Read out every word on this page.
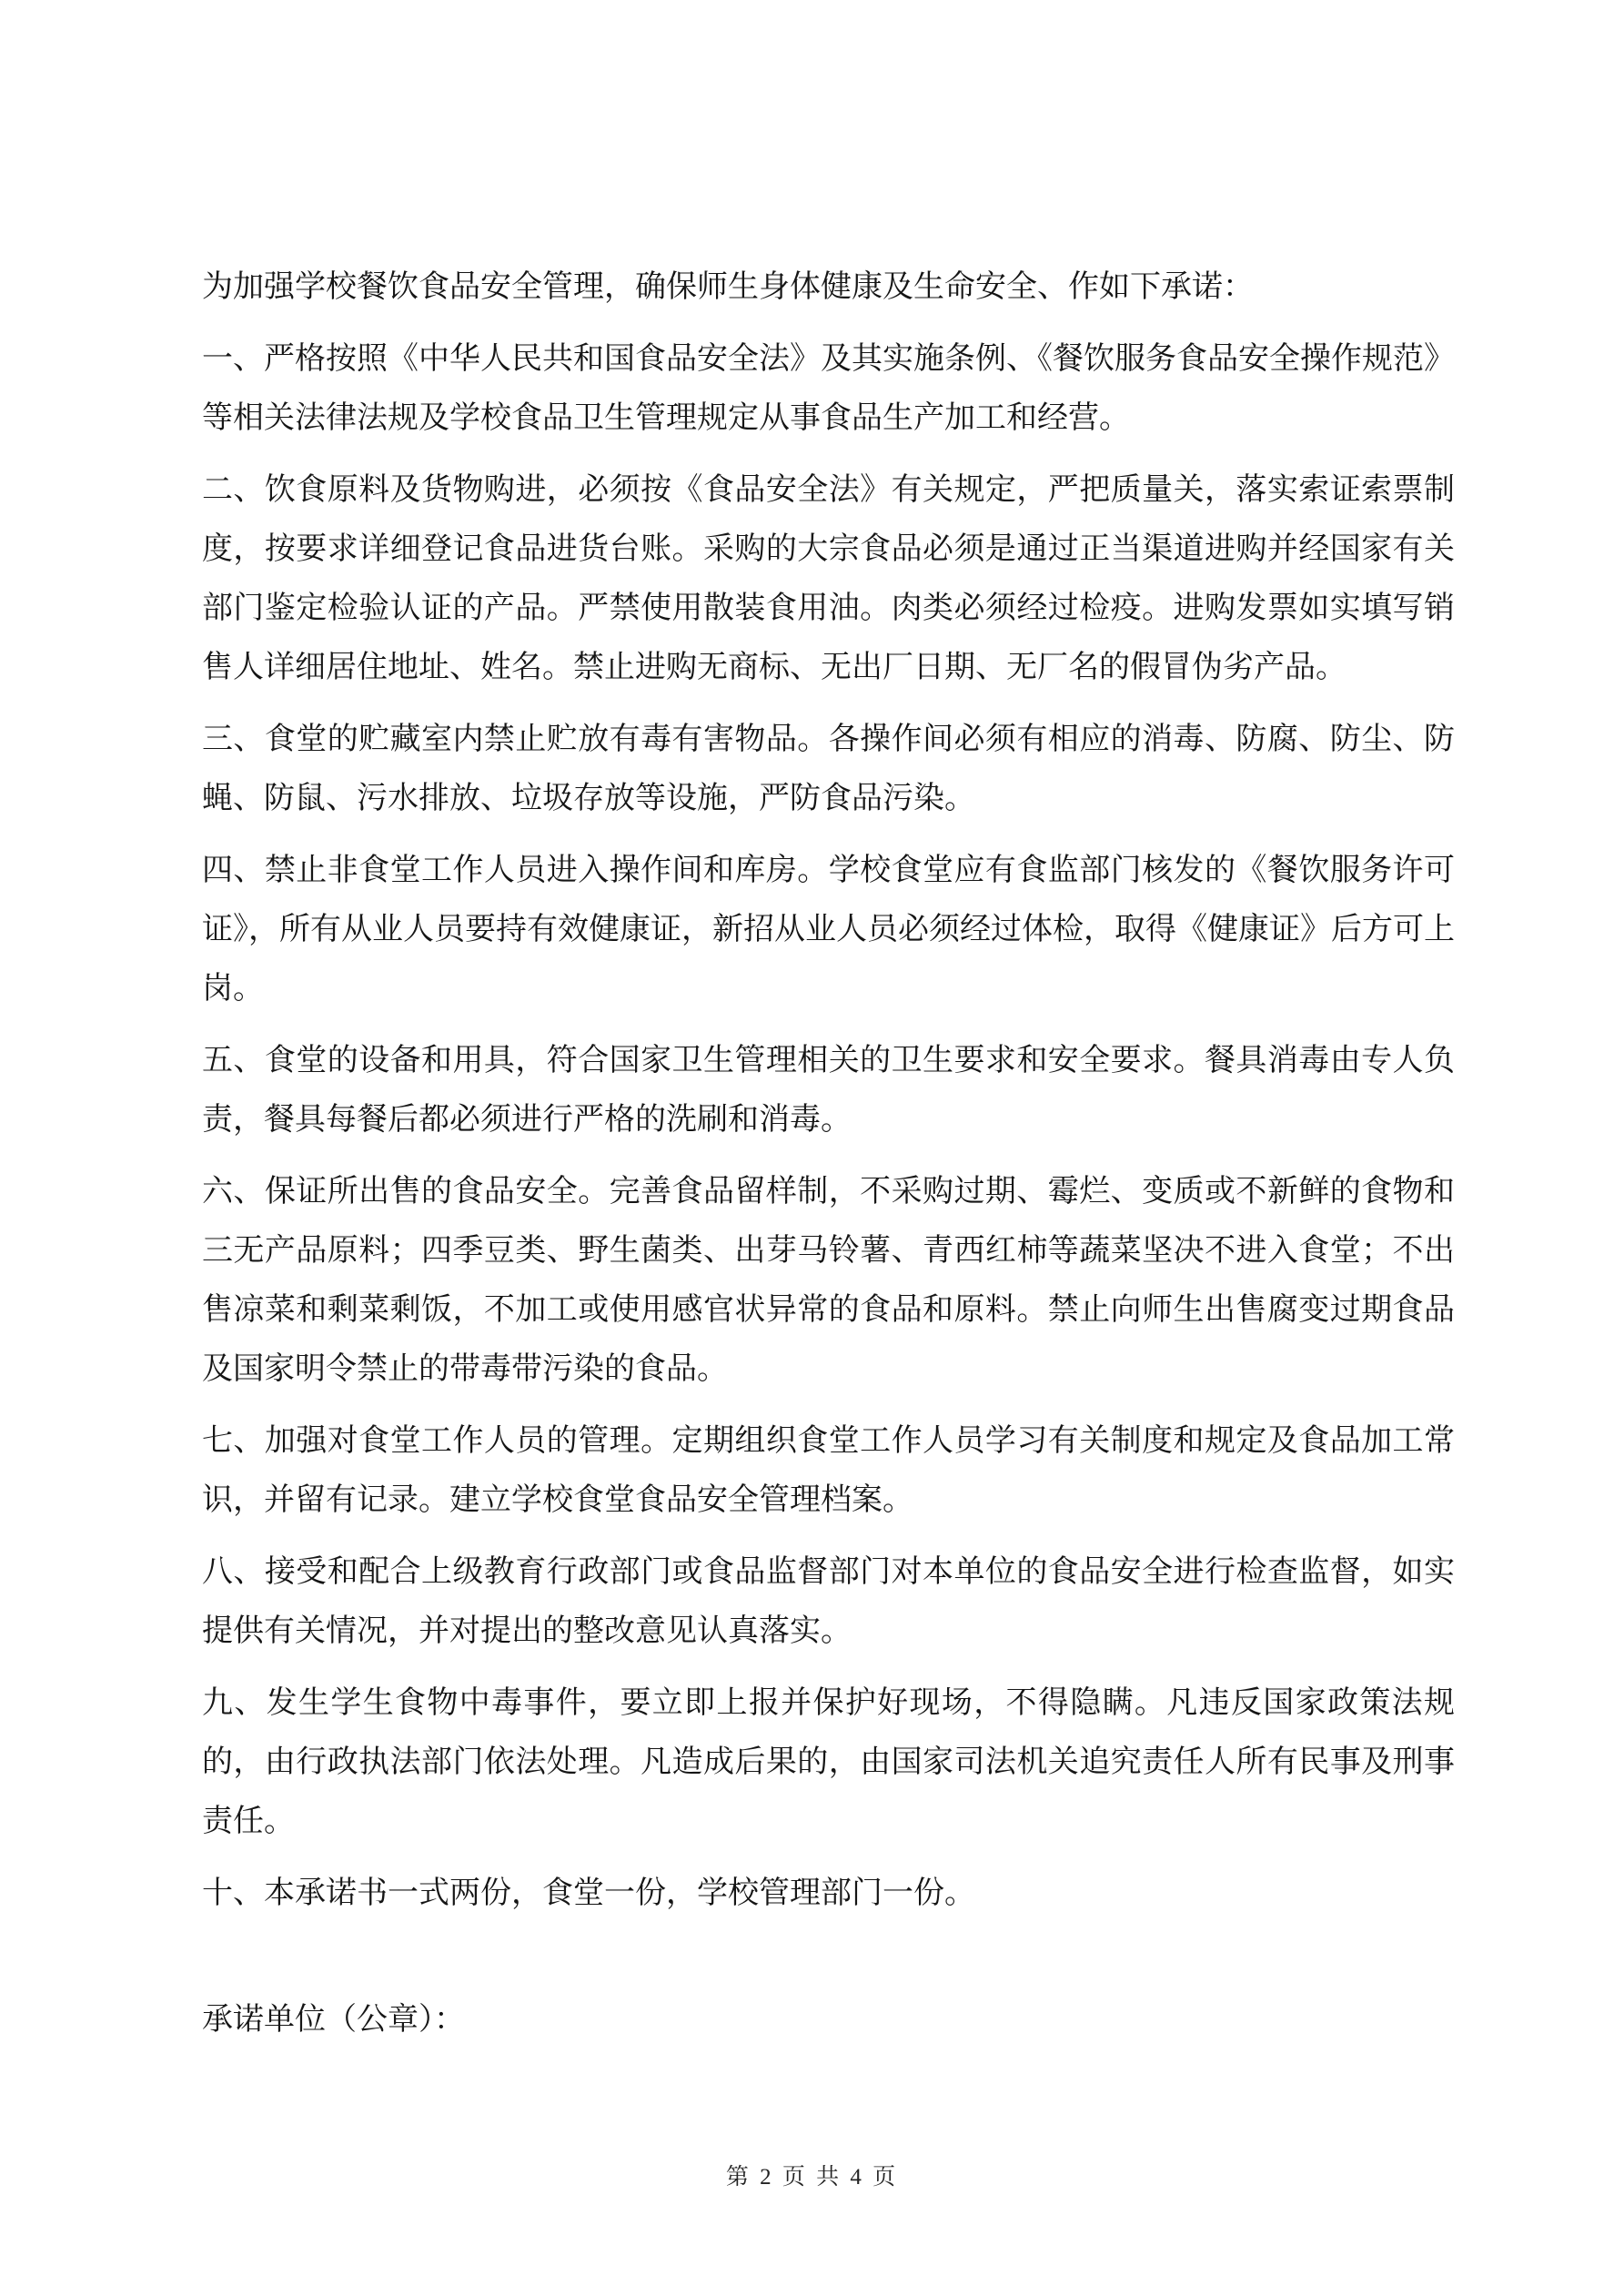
为加强学校餐饮食品安全管理，确保师生身体健康及生命安全、作如下承诺：

一、严格按照《中华人民共和国食品安全法》及其实施条例、《餐饮服务食品安全操作规范》等相关法律法规及学校食品卫生管理规定从事食品生产加工和经营。

二、饮食原料及货物购进，必须按《食品安全法》有关规定，严把质量关，落实索证索票制度，按要求详细登记食品进货台账。采购的大宗食品必须是通过正当渠道进购并经国家有关部门鉴定检验认证的产品。严禁使用散装食用油。肉类必须经过检疫。进购发票如实填写销售人详细居住地址、姓名。禁止进购无商标、无出厂日期、无厂名的假冒伪劣产品。

三、食堂的贮藏室内禁止贮放有毒有害物品。各操作间必须有相应的消毒、防腐、防尘、防蝇、防鼠、污水排放、垃圾存放等设施，严防食品污染。

四、禁止非食堂工作人员进入操作间和库房。学校食堂应有食监部门核发的《餐饮服务许可证》，所有从业人员要持有效健康证，新招从业人员必须经过体检，取得《健康证》后方可上岗。

五、食堂的设备和用具，符合国家卫生管理相关的卫生要求和安全要求。餐具消毒由专人负责，餐具每餐后都必须进行严格的洗刷和消毒。

六、保证所出售的食品安全。完善食品留样制，不采购过期、霉烂、变质或不新鲜的食物和三无产品原料；四季豆类、野生菌类、出芽马铃薯、青西红柿等蔬菜坚决不进入食堂；不出售凉菜和剩菜剩饭，不加工或使用感官状异常的食品和原料。禁止向师生出售腐变过期食品及国家明令禁止的带毒带污染的食品。

七、加强对食堂工作人员的管理。定期组织食堂工作人员学习有关制度和规定及食品加工常识，并留有记录。建立学校食堂食品安全管理档案。

八、接受和配合上级教育行政部门或食品监督部门对本单位的食品安全进行检查监督，如实提供有关情况，并对提出的整改意见认真落实。

九、发生学生食物中毒事件，要立即上报并保护好现场，不得隐瞒。凡违反国家政策法规的，由行政执法部门依法处理。凡造成后果的，由国家司法机关追究责任人所有民事及刑事责任。

十、本承诺书一式两份，食堂一份，学校管理部门一份。

承诺单位（公章）：

第 2 页 共 4 页
